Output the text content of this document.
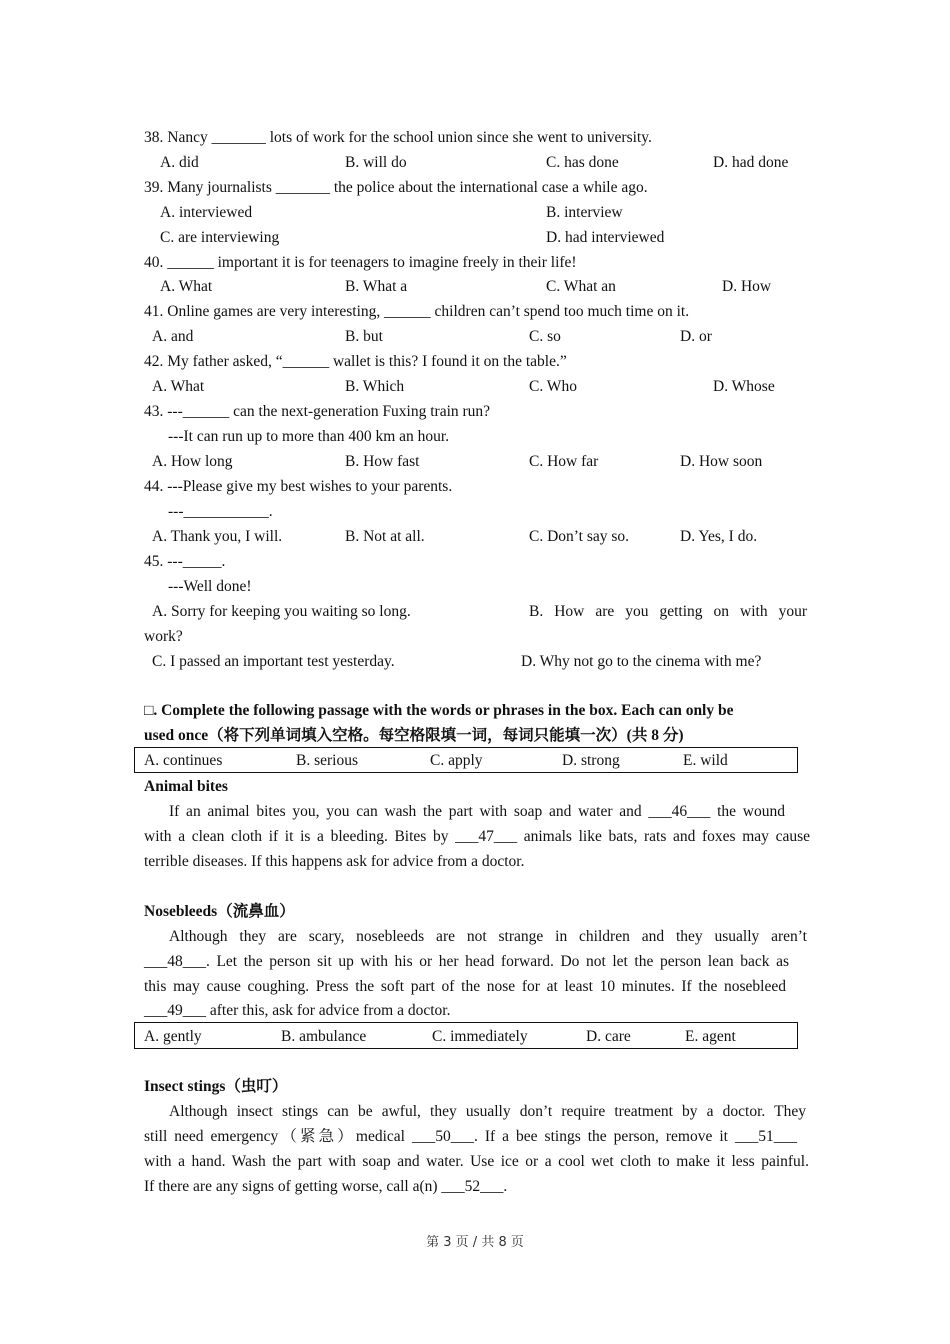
38. Nancy _______ lots of work for the school union since she went to university.
A. did	B. will do	C. has done	D. had done
39. Many journalists _______ the police about the international case a while ago.
A. interviewed	B. interview
C. are interviewing	D. had interviewed
40. ______ important it is for teenagers to imagine freely in their life!
A. What	B. What a	C. What an	D. How
41. Online games are very interesting, ______ children can’t spend too much time on it.
A. and	B. but	C. so	D. or
42. My father asked, “______ wallet is this? I found it on the table.”
A. What	B. Which	C. Who	D. Whose
43. ---______ can the next-generation Fuxing train run?
---It can run up to more than 400 km an hour.
A. How long	B. How fast	C. How far	D. How soon
44. ---Please give my best wishes to your parents.
---___________.
A. Thank you, I will.	B. Not at all.	C. Don’t say so.	D. Yes, I do.
45. ---_____.
---Well done!
A. Sorry for keeping you waiting so long.	B. How are you getting on with your
work?
C. I passed an important test yesterday.	D. Why not go to the cinema with me?
□. Complete the following passage with the words or phrases in the box. Each can only be
used once（将下列单词填入空格。每空格限填一词，每词只能填一次）(共 8 分)
A. continues	B. serious	C. apply	D. strong	E. wild
Animal bites
If an animal bites you, you can wash the part with soap and water and ___46___ the wound
with a clean cloth if it is a bleeding. Bites by ___47___ animals like bats, rats and foxes may cause
terrible diseases. If this happens ask for advice from a doctor.
Nosebleeds（流鼻血）
Although they are scary, nosebleeds are not strange in children and they usually aren’t
___48___. Let the person sit up with his or her head forward. Do not let the person lean back as
this may cause coughing. Press the soft part of the nose for at least 10 minutes. If the nosebleed
___49___ after this, ask for advice from a doctor.
A. gently	B. ambulance	C. immediately	D. care	E. agent
Insect stings（虫叮）
Although insect stings can be awful, they usually don’t require treatment by a doctor. They
still need emergency（紧急）medical ___50___. If a bee stings the person, remove it ___51___
with a hand. Wash the part with soap and water. Use ice or a cool wet cloth to make it less painful.
If there are any signs of getting worse, call a(n) ___52___.
第 3 页 / 共 8 页
